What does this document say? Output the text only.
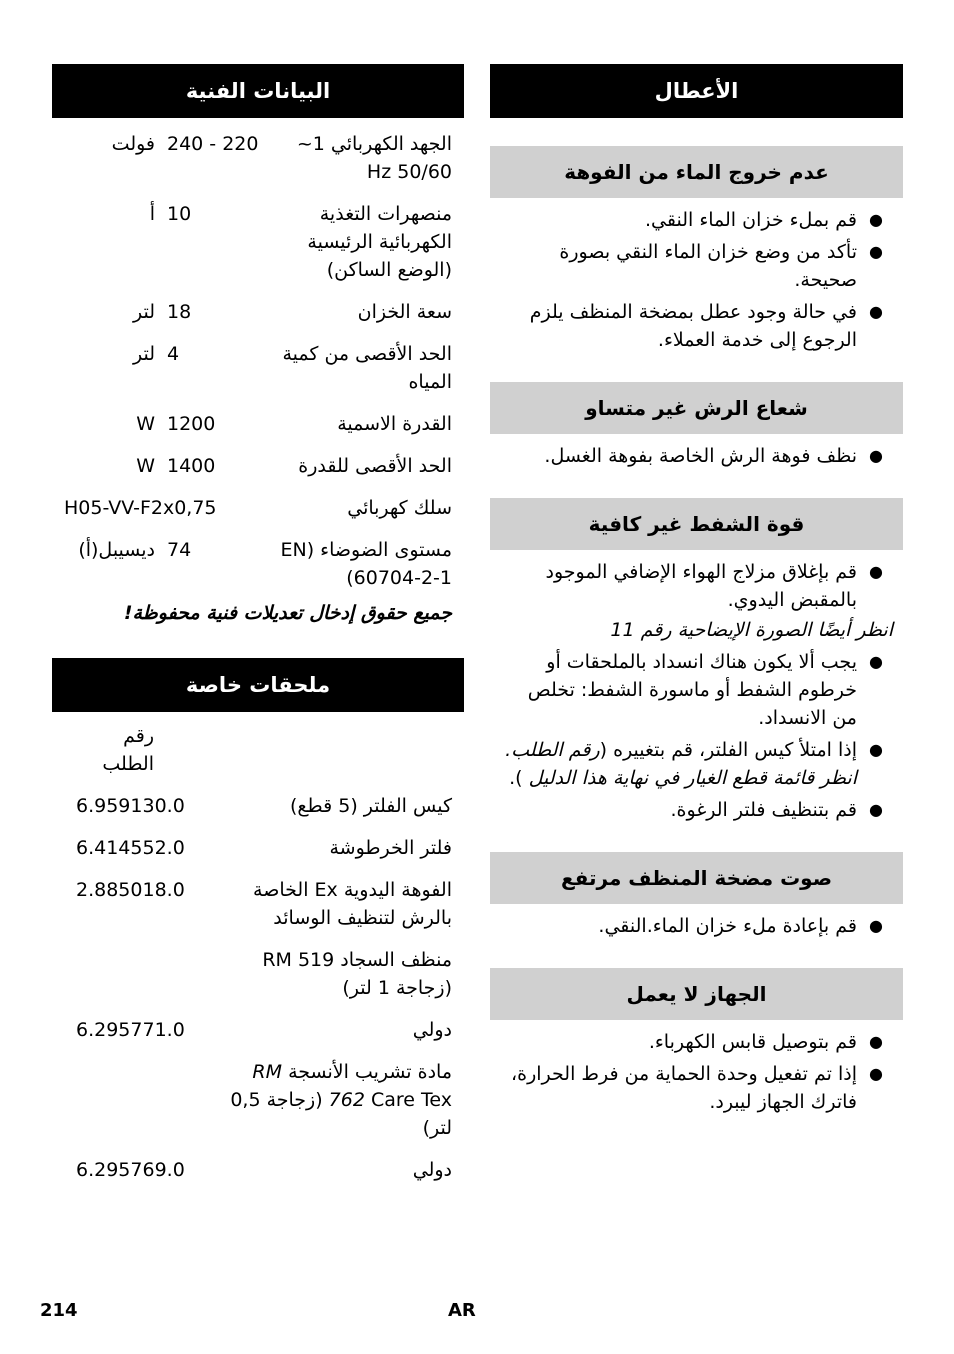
البيانات الفنية
الجهد الكهربائي 1~ 50/60 Hz	220 - 240	فولت
منصهرات التغذية الكهربائية الرئيسية (الوضع الساكن)	10	أ
سعة الخزان	18	لتر
الحد الأقصى من كمية المياه	4	لتر
القدرة الاسمية	1200	W
الحد الأقصى للقدرة	1400	W
سلك كهربائي	H05-VV-F2x0,75	
مستوى الضوضاء (EN 60704-2-1)	74	ديسيبل(أ)
جميع حقوق إدخال تعديلات فنية محفوظة!
ملحقات خاصة
	رقم الطلب
كيس الفلتر (5 قطع)	6.959130.0
فلتر الخرطوشة	6.414552.0
الفوهة اليدوية Ex الخاصة بالرش لتنظيف الوسائد	2.885018.0
منظف السجاد RM 519 (زجاجة 1 لتر)	
دولي	6.295771.0
مادة تشريب الأنسجة RM 762 Care Tex (زجاجة 0,5 لتر)	
دولي	6.295769.0
الأعطال
عدم خروج الماء من الفوهة
●
قم بملء خزان الماء النقي.
●
تأكد من وضع خزان الماء النقي بصورة صحيحة.
●
في حالة وجود عطل بمضخة المنظف يلزم الرجوع إلى خدمة العملاء.
شعاع الرش غير متساو
●
نظف فوهة الرش الخاصة بفوهة الغسل.
قوة الشفط غير كافية
●
قم بإغلاق مزلاج الهواء الإضافي الموجود بالمقبض اليدوي.
انظر أيضًا الصورة الإيضاحية رقم 11
●
يجب ألا يكون هناك انسداد بالملحقات أو خرطوم الشفط أو ماسورة الشفط: تخلص من الانسداد.
●
إذا امتلأ كيس الفلتر، قم بتغييره (رقم الطلب. انظر قائمة قطع الغيار في نهاية هذا الدليل ).
●
قم بتنظيف فلتر الرغوة.
صوت مضخة المنظف مرتفع
●
قم بإعادة ملء خزان الماء.النقي.
الجهاز لا يعمل
●
قم بتوصيل قابس الكهرباء.
●
إذا تم تفعيل وحدة الحماية من فرط الحرارة، فاترك الجهاز ليبرد.
214	AR
